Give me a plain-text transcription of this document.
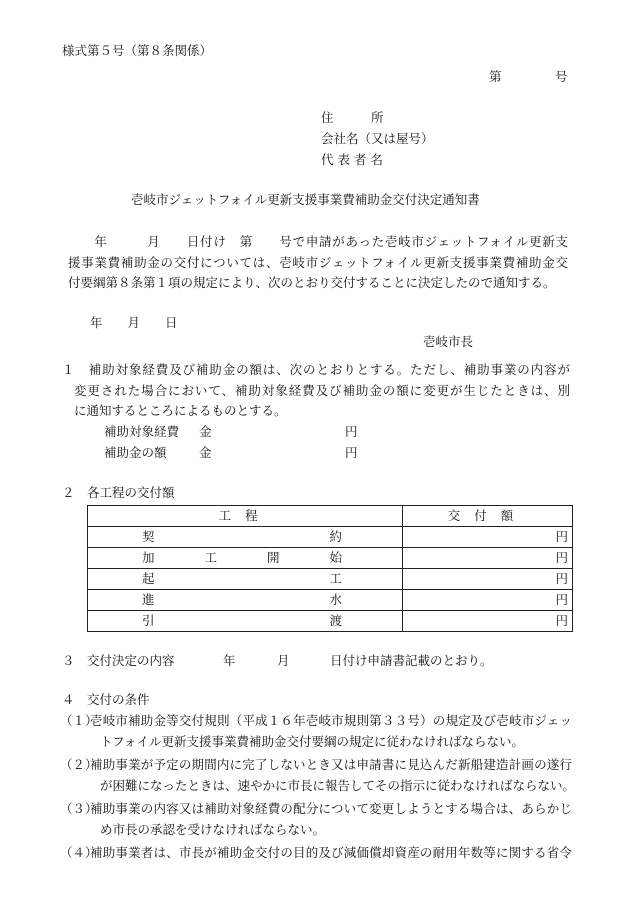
様式第５号（第８条関係）
第	号
住　　　所
会社名（又は屋号）
代 表 者 名
壱岐市ジェットフォイル更新支援事業費補助金交付決定通知書

　　年　　　月　　日付け　第　　号で申請があった壱岐市ジェットフォイル更新支

援事業費補助金の交付については、壱岐市ジェットフォイル更新支援事業費補助金交

付要綱第８条第１項の規定により、次のとおり交付することに決定したので通知する。

年　　月　　日
壱岐市長

１　補助対象経費及び補助金の額は、次のとおりとする。ただし、補助事業の内容が

変更された場合において、補助対象経費及び補助金の額に変更が生じたときは、別

に通知するところによるものとする。

補助対象経費 金	円
補助金の額	金	円
２　各工程の交付額
工程	交付額
契約	円
加工開始	円
起工	円
進水	円
引渡	円
３　交付決定の内容	年	月	日付け申請書記載のとおり。
４　交付の条件
（１）
壱岐市補助金等交付規則（平成１６年壱岐市規則第３３号）の規定及び壱岐市ジェッ
トフォイル更新支援事業費補助金交付要綱の規定に従わなければならない。
（２）
補助事業が予定の期間内に完了しないとき又は申請書に見込んだ新船建造計画の遂行
が困難になったときは、速やかに市長に報告してその指示に従わなければならない。
（３）
補助事業の内容又は補助対象経費の配分について変更しようとする場合は、あらかじ
め市長の承認を受けなければならない。
（４）
補助事業者は、市長が補助金交付の目的及び減価償却資産の耐用年数等に関する省令
